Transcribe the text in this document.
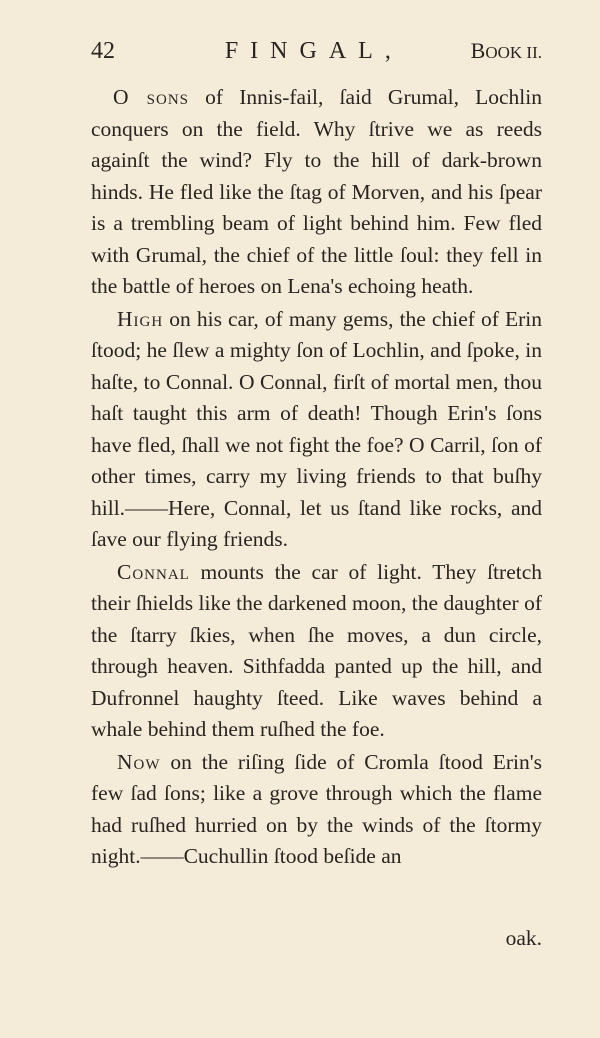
42	FINGAL,	BOOK II.

O sons of Innis-fail, ſaid Grumal, Lochlin conquers on the field. Why ſtrive we as reeds againſt the wind? Fly to the hill of dark-brown hinds. He fled like the ſtag of Morven, and his ſpear is a trembling beam of light behind him. Few fled with Grumal, the chief of the little ſoul: they fell in the battle of heroes on Lena's echoing heath.

High on his car, of many gems, the chief of Erin ſtood; he ſlew a mighty ſon of Lochlin, and ſpoke, in haſte, to Connal. O Connal, firſt of mortal men, thou haſt taught this arm of death! Though Erin's ſons have fled, ſhall we not fight the foe? O Carril, ſon of other times, carry my living friends to that buſhy hill.——Here, Connal, let us ſtand like rocks, and ſave our flying friends.

Connal mounts the car of light. They ſtretch their ſhields like the darkened moon, the daughter of the ſtarry ſkies, when ſhe moves, a dun circle, through heaven. Sithfadda panted up the hill, and Dufronnel haughty ſteed. Like waves behind a whale behind them ruſhed the foe.

Now on the riſing ſide of Cromla ſtood Erin's few ſad ſons; like a grove through which the flame had ruſhed hurried on by the winds of the ſtormy night.——Cuchullin ſtood beſide an

oak.
